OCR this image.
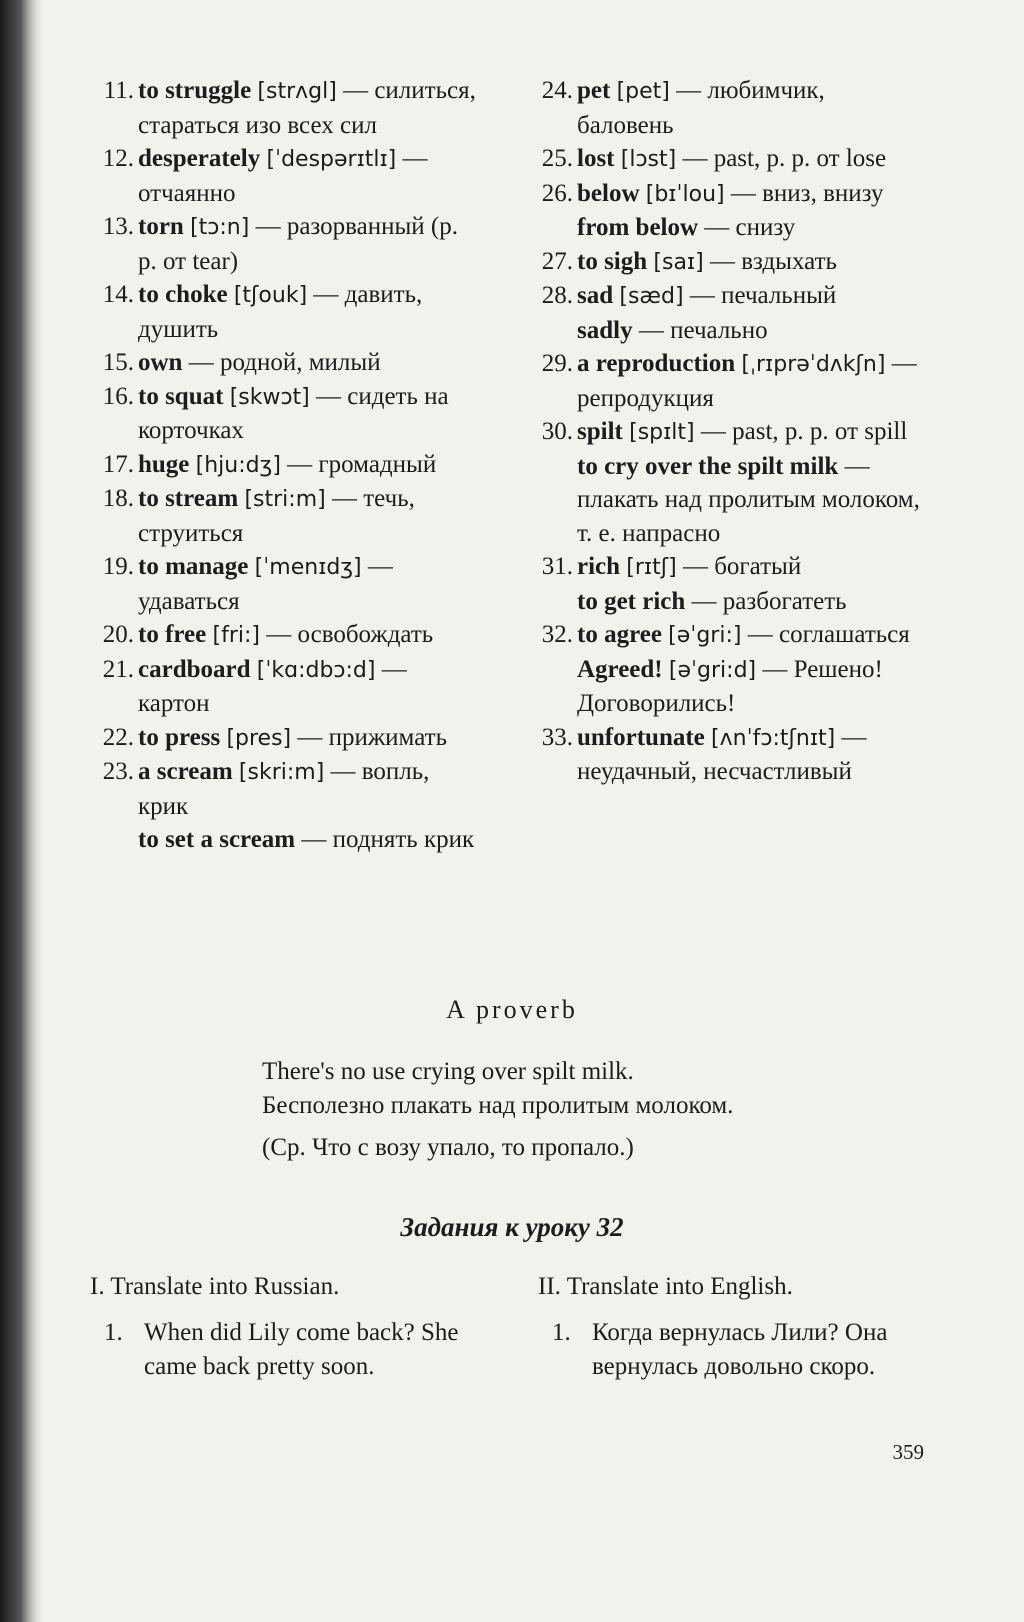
11. to struggle [strʌgl] — силиться, стараться изо всех сил
12. desperately [ˈdespərɪtlɪ] — отчаянно
13. torn [tɔ:n] — разорванный (p. p. от tear)
14. to choke [tʃouk] — давить, душить
15. own — родной, милый
16. to squat [skwɔt] — сидеть на корточках
17. huge [hju:dʒ] — громадный
18. to stream [stri:m] — течь, струиться
19. to manage [ˈmenɪdʒ] — удаваться
20. to free [fri:] — освобождать
21. cardboard [ˈkɑ:dbɔ:d] — картон
22. to press [pres] — прижимать
23. a scream [skri:m] — вопль, крик
to set a scream — поднять крик
24. pet [pet] — любимчик, баловень
25. lost [lɔst] — past, p. p. от lose
26. below [bɪˈlou] — вниз, внизу
from below — снизу
27. to sigh [saɪ] — вздыхать
28. sad [sæd] — печальный
sadly — печально
29. a reproduction [ˌrɪprəˈdʌkʃn] — репродукция
30. spilt [spɪlt] — past, p. p. от spill
to cry over the spilt milk — плакать над пролитым молоком, т. е. напрасно
31. rich [rɪtʃ] — богатый
to get rich — разбогатеть
32. to agree [əˈgri:] — соглашаться
Agreed! [əˈgri:d] — Решено! Договорились!
33. unfortunate [ʌnˈfɔ:tʃnɪt] — неудачный, несчастливый
A proverb
There's no use crying over spilt milk.
Бесполезно плакать над пролитым молоком.
(Ср. Что с возу упало, то пропало.)
Задания к уроку 32
I. Translate into Russian.
1. When did Lily come back? She came back pretty soon.
II. Translate into English.
1. Когда вернулась Лили? Она вернулась довольно скоро.
359
